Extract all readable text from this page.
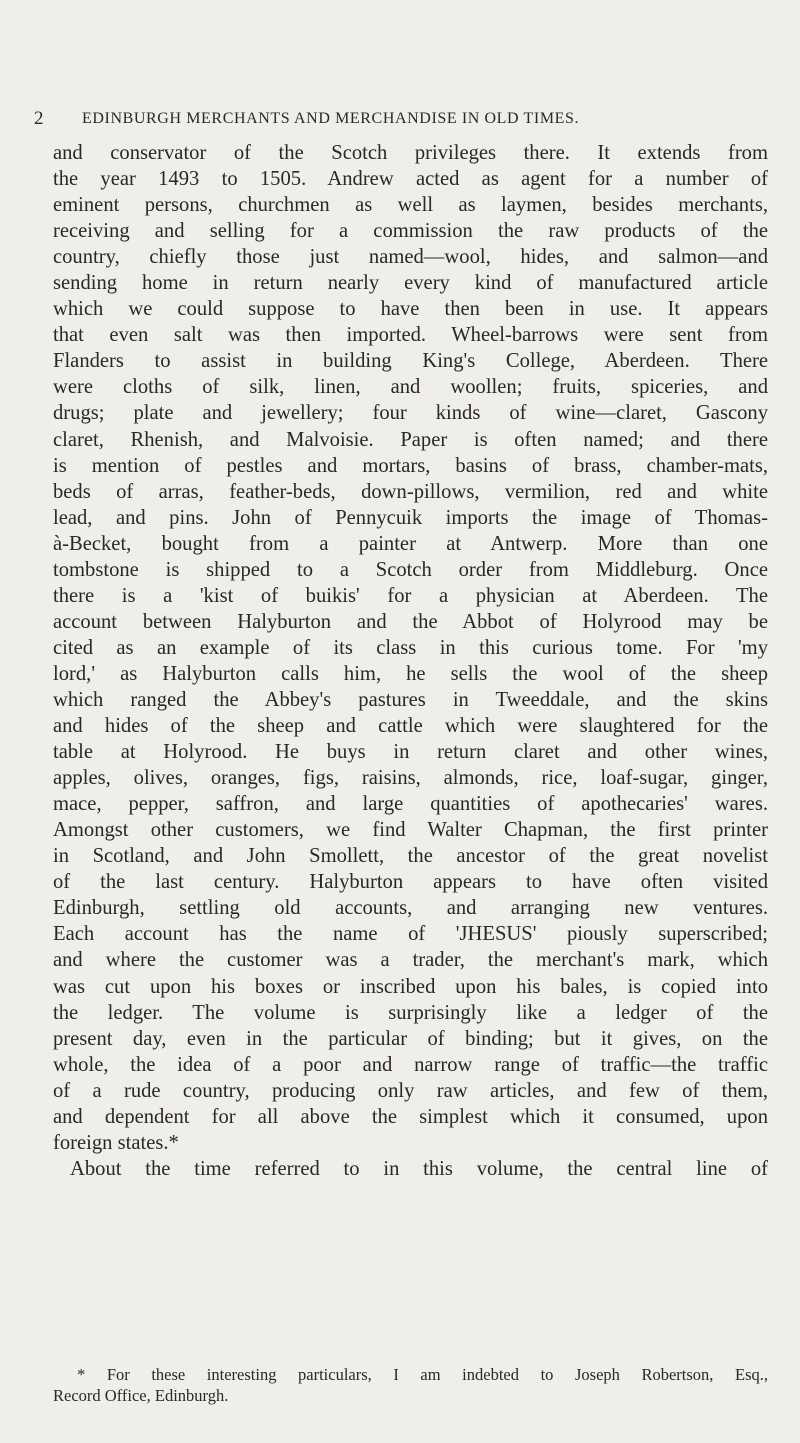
2 EDINBURGH MERCHANTS AND MERCHANDISE IN OLD TIMES.
and conservator of the Scotch privileges there. It extends from
the year 1493 to 1505. Andrew acted as agent for a number of
eminent persons, churchmen as well as laymen, besides merchants,
receiving and selling for a commission the raw products of the
country, chiefly those just named—wool, hides, and salmon—and
sending home in return nearly every kind of manufactured article
which we could suppose to have then been in use. It appears
that even salt was then imported. Wheel-barrows were sent from
Flanders to assist in building King's College, Aberdeen. There
were cloths of silk, linen, and woollen; fruits, spiceries, and
drugs; plate and jewellery; four kinds of wine—claret, Gascony
claret, Rhenish, and Malvoisie. Paper is often named; and there
is mention of pestles and mortars, basins of brass, chamber-mats,
beds of arras, feather-beds, down-pillows, vermilion, red and white
lead, and pins. John of Pennycuik imports the image of Thomas-
à-Becket, bought from a painter at Antwerp. More than one
tombstone is shipped to a Scotch order from Middleburg. Once
there is a 'kist of buikis' for a physician at Aberdeen. The
account between Halyburton and the Abbot of Holyrood may be
cited as an example of its class in this curious tome. For 'my
lord,' as Halyburton calls him, he sells the wool of the sheep
which ranged the Abbey's pastures in Tweeddale, and the skins
and hides of the sheep and cattle which were slaughtered for the
table at Holyrood. He buys in return claret and other wines,
apples, olives, oranges, figs, raisins, almonds, rice, loaf-sugar, ginger,
mace, pepper, saffron, and large quantities of apothecaries' wares.
Amongst other customers, we find Walter Chapman, the first printer
in Scotland, and John Smollett, the ancestor of the great novelist
of the last century. Halyburton appears to have often visited
Edinburgh, settling old accounts, and arranging new ventures.
Each account has the name of 'JHESUS' piously superscribed;
and where the customer was a trader, the merchant's mark, which
was cut upon his boxes or inscribed upon his bales, is copied into
the ledger. The volume is surprisingly like a ledger of the
present day, even in the particular of binding; but it gives, on the
whole, the idea of a poor and narrow range of traffic—the traffic
of a rude country, producing only raw articles, and few of them,
and dependent for all above the simplest which it consumed, upon
foreign states.*
About the time referred to in this volume, the central line of
* For these interesting particulars, I am indebted to Joseph Robertson, Esq.,
Record Office, Edinburgh.
